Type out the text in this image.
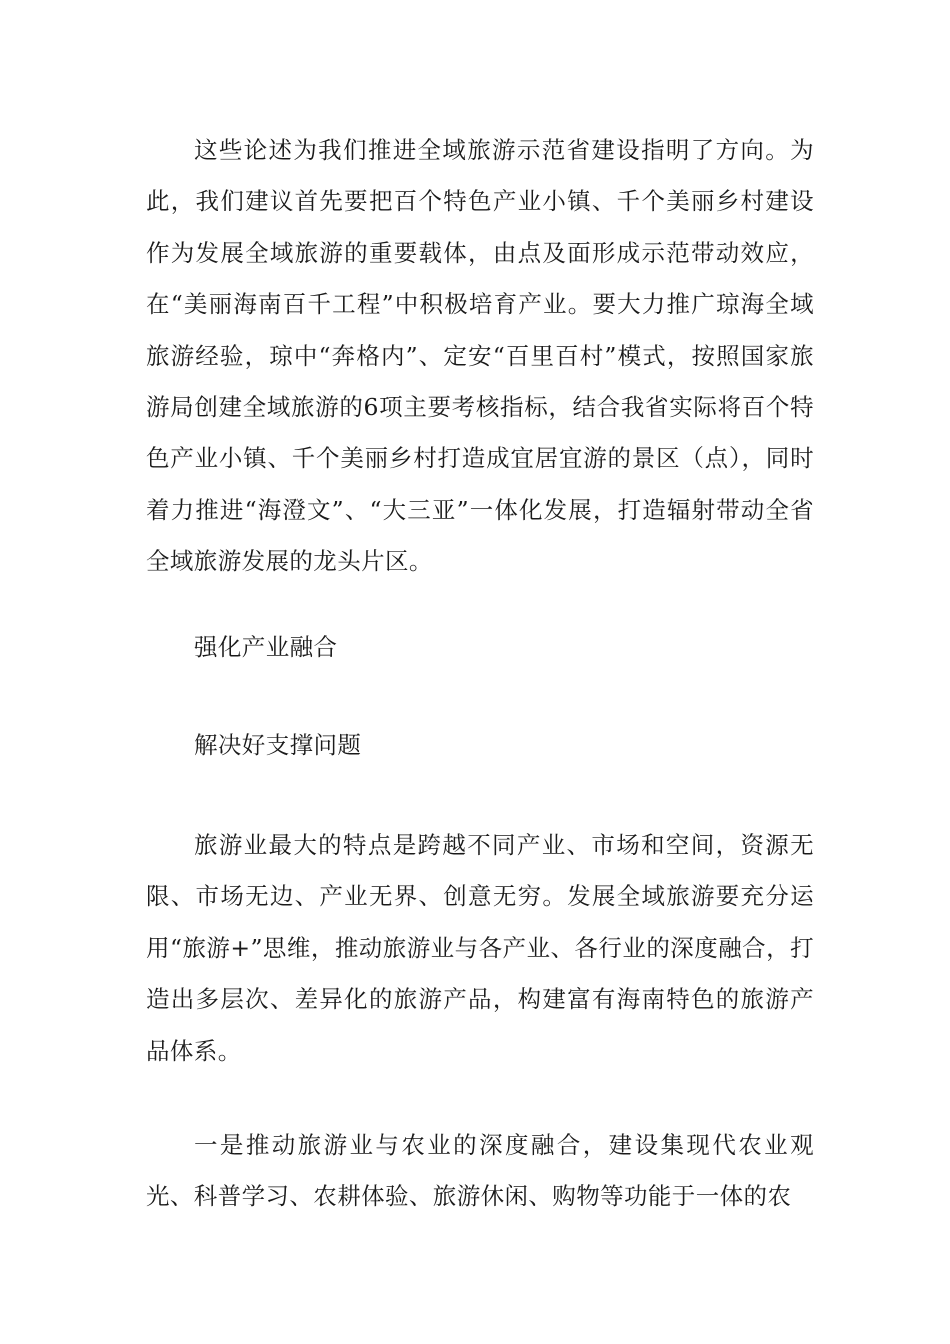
这些论述为我们推进全域旅游示范省建设指明了方向。为此，我们建议首先要把百个特色产业小镇、千个美丽乡村建设作为发展全域旅游的重要载体，由点及面形成示范带动效应，在“美丽海南百千工程”中积极培育产业。要大力推广琼海全域旅游经验，琼中“奔格内”、定安“百里百村”模式，按照国家旅游局创建全域旅游的6项主要考核指标，结合我省实际将百个特色产业小镇、千个美丽乡村打造成宜居宜游的景区（点），同时着力推进“海澄文”、“大三亚”一体化发展，打造辐射带动全省全域旅游发展的龙头片区。

强化产业融合

解决好支撑问题

旅游业最大的特点是跨越不同产业、市场和空间，资源无限、市场无边、产业无界、创意无穷。发展全域旅游要充分运用“旅游+”思维，推动旅游业与各产业、各行业的深度融合，打造出多层次、差异化的旅游产品，构建富有海南特色的旅游产品体系。

一是推动旅游业与农业的深度融合，建设集现代农业观光、科普学习、农耕体验、旅游休闲、购物等功能于一体的农
